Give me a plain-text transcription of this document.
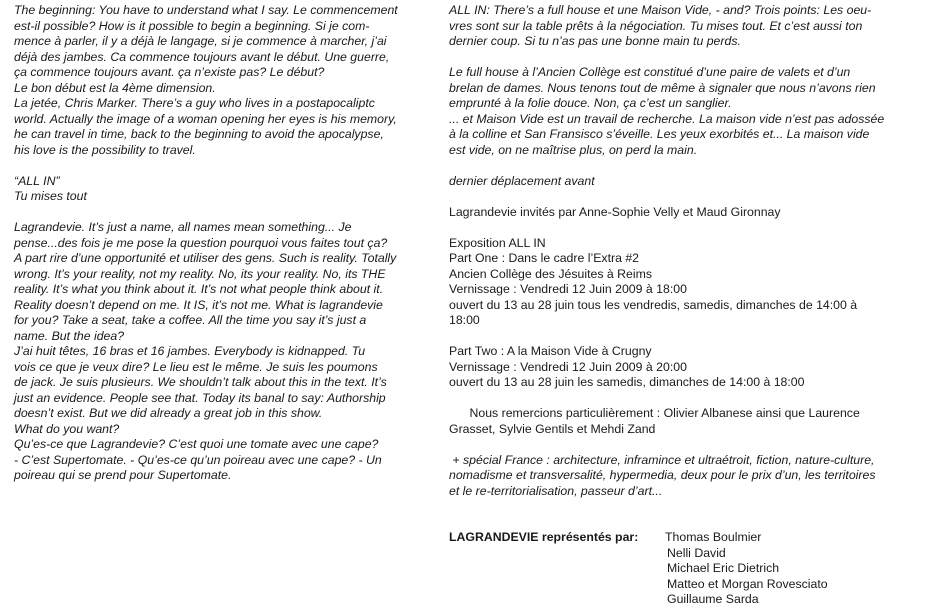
The beginning: You have to understand what I say. Le commencement
est-il possible? How is it possible to begin a beginning. Si je com-
mence à parler, il y a déjà le langage, si je commence à marcher, j’ai
déjà des jambes. Ca commence toujours avant le début. Une guerre,
ça commence toujours avant. ça n’existe pas? Le début?
Le bon début est la 4ème dimension.
La jetée, Chris Marker. There’s a guy who lives in a postapocaliptc
world. Actually the image of a woman opening her eyes is his memory,
he can travel in time, back to the beginning to avoid the apocalypse,
his love is the possibility to travel.
“ALL IN”
Tu mises tout
Lagrandevie. It’s just a name, all names mean something... Je
pense...des fois je me pose la question pourquoi vous faites tout ça?
A part rire d’une opportunité et utiliser des gens. Such is reality. Totally
wrong. It’s your reality, not my reality. No, its your reality. No, its THE
reality. It’s what you think about it. It’s not what people think about it.
Reality doesn’t depend on me. It IS, it’s not me. What is lagrandevie
for you? Take a seat, take a coffee. All the time you say it’s just a
name. But the idea?
J’ai huit têtes, 16 bras et 16 jambes. Everybody is kidnapped. Tu
vois ce que je veux dire? Le lieu est le même. Je suis les poumons
de jack. Je suis plusieurs. We shouldn’t talk about this in the text. It’s
just an evidence. People see that. Today its banal to say: Authorship
doesn’t exist. But we did already a great job in this show.
What do you want?
Qu’es-ce que Lagrandevie? C’est quoi une tomate avec une cape?
- C’est Supertomate. - Qu’es-ce qu’un poireau avec une cape? - Un
poireau qui se prend pour Supertomate.
ALL IN: There’s a full house et une Maison Vide, - and? Trois points: Les oeu-
vres sont sur la table prêts à la négociation. Tu mises tout. Et c’est aussi ton
dernier coup. Si tu n’as pas une bonne main tu perds.
Le full house à l’Ancien Collège est constitué d’une paire de valets et d’un
brelan de dames. Nous tenons tout de même à signaler que nous n’avons rien
emprunté à la folie douce. Non, ça c’est un sanglier.
... et Maison Vide est un travail de recherche. La maison vide n’est pas adossée
à la colline et San Fransisco s’éveille. Les yeux exorbités et... La maison vide
est vide, on ne maîtrise plus, on perd la main.
dernier déplacement avant
Lagrandevie invités par Anne-Sophie Velly et Maud Gironnay
Exposition ALL IN
Part One : Dans le cadre l’Extra #2
Ancien Collège des Jésuites à Reims
Vernissage : Vendredi 12 Juin 2009 à 18:00
ouvert du 13 au 28 juin tous les vendredis, samedis, dimanches de 14:00 à
18:00
Part Two : A la Maison Vide à Crugny
Vernissage : Vendredi 12 Juin 2009 à 20:00
ouvert du 13 au 28 juin les samedis, dimanches de 14:00 à 18:00
Nous remercions particulièrement : Olivier Albanese ainsi que Laurence
Grasset, Sylvie Gentils et Mehdi Zand
+ spécial France : architecture, inframince et ultraétroit, fiction, nature-culture,
nomadisme et transversalité, hypermedia, deux pour le prix d’un, les territoires
et le re-territorialisation, passeur d’art...
LAGRANDEVIE représentés par: Thomas Boulmier
Nelli David
Michael Eric Dietrich
Matteo et Morgan Rovesciato
Guillaume Sarda
